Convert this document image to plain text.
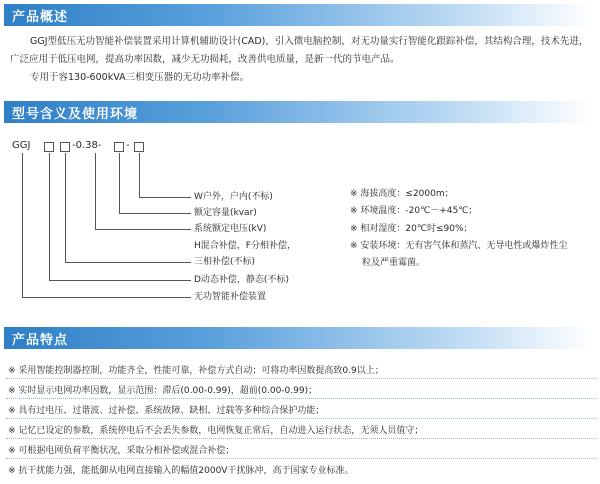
产品概述
GGJ型低压无功智能补偿装置采用计算机辅助设计(CAD)，引入微电脑控制，对无功量实行智能化跟踪补偿，其结构合理，技术先进，
广泛应用于低压电网，提高功率因数，减少无功损耗，改善供电质量，是新一代的节电产品。
专用于容130-600kVA三相变压器的无功功率补偿。
型号含义及使用环境
GGJ	-0.38- -
W户外，户内(不标)
额定容量(kvar)
系统额定电压(kV)
H混合补偿，F分相补偿，
三相补偿(不标)
D动态补偿，静态(不标)
无功智能补偿装置
※ 海拔高度：≤2000m；
※ 环境温度：-20℃－+45℃；
※ 相对湿度：20℃时≤90%；
※ 安装环境：无有害气体和蒸汽、无导电性或爆炸性尘
粒及严重霉菌。
产品特点
※ 采用智能控制器控制，功能齐全，性能可靠，补偿方式自动；可将功率因数提高致0.9以上；
※ 实时显示电网功率因数，显示范围：滞后(0.00-0.99)，超前(0.00-0.99)；
※ 具有过电压、过谐波、过补偿、系统故障、缺相、过载等多种综合保护功能；
※ 记忆已设定的参数，系统停电后不会丢失参数，电网恢复正常后，自动进入运行状态，无须人员值守；
※ 可根据电网负荷平衡状况，采取分相补偿或混合补偿；
※ 抗干扰能力强，能抵御从电网直接输入的幅值2000V干扰脉冲，高于国家专业标准。
